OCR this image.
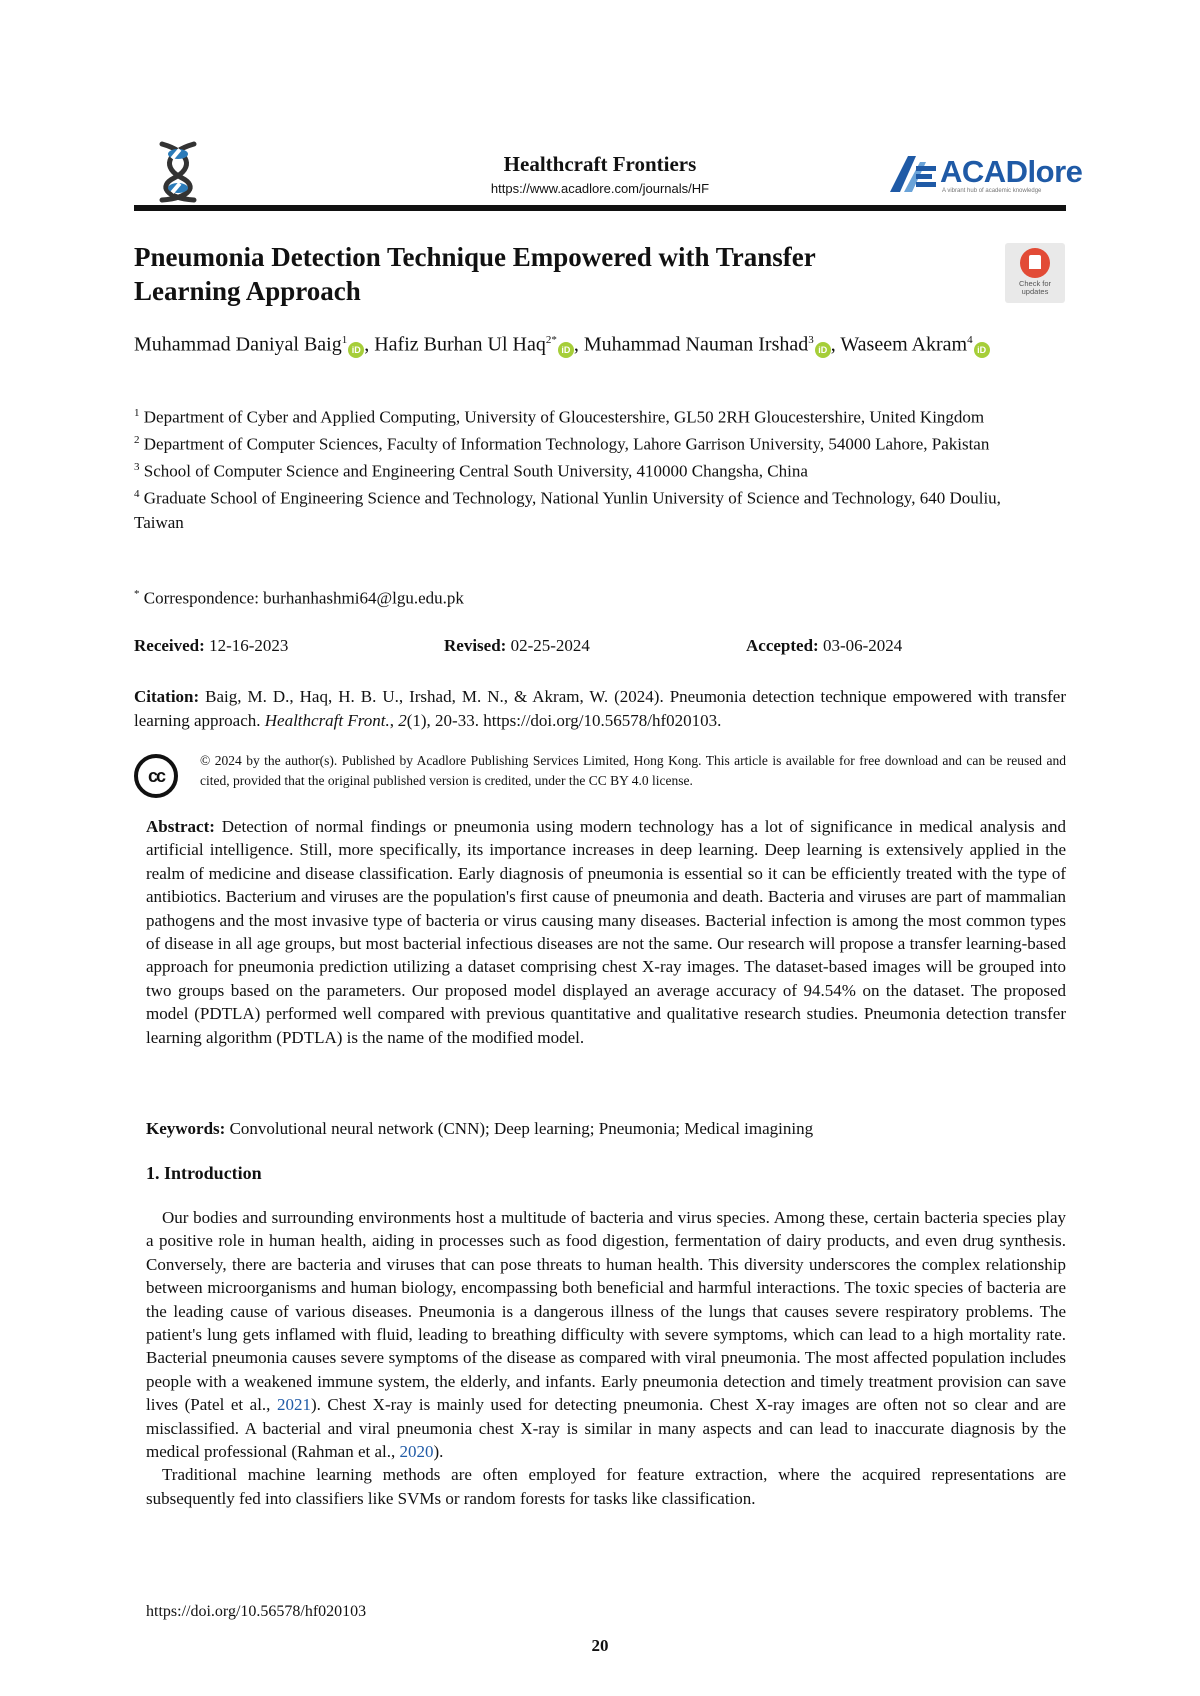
Healthcraft Frontiers
https://www.acadlore.com/journals/HF	ACADlore
A vibrant hub of academic knowledge
Pneumonia Detection Technique Empowered with Transfer Learning Approach	Check for updates
Muhammad Daniyal Baig$^1$iD , Hafiz Burhan Ul Haq$^{2*}$iD , Muhammad Nauman Irshad$^3$iD , Waseem Akram$^4$iD

$^1$ Department of Cyber and Applied Computing, University of Gloucestershire, GL50 2RH Gloucestershire, United Kingdom

$^2$ Department of Computer Sciences, Faculty of Information Technology, Lahore Garrison University, 54000 Lahore, Pakistan

$^3$ School of Computer Science and Engineering Central South University, 410000 Changsha, China

$^4$ Graduate School of Engineering Science and Technology, National Yunlin University of Science and Technology, 640 Douliu, Taiwan

* Correspondence: burhanhashmi64@lgu.edu.pk
Received: 12-16-2023	Revised: 02-25-2024	Accepted: 03-06-2024
Citation: Baig, M. D., Haq, H. B. U., Irshad, M. N., & Akram, W. (2024). Pneumonia detection technique empowered with transfer learning approach. Healthcraft Front., 2(1), 20-33. https://doi.org/10.56578/hf020103.
cc
© 2024 by the author(s). Published by Acadlore Publishing Services Limited, Hong Kong. This article is available for free download and can be reused and cited, provided that the original published version is credited, under the CC BY 4.0 license.
Abstract: Detection of normal findings or pneumonia using modern technology has a lot of significance in medical analysis and artificial intelligence. Still, more specifically, its importance increases in deep learning. Deep learning is extensively applied in the realm of medicine and disease classification. Early diagnosis of pneumonia is essential so it can be efficiently treated with the type of antibiotics. Bacterium and viruses are the population's first cause of pneumonia and death. Bacteria and viruses are part of mammalian pathogens and the most invasive type of bacteria or virus causing many diseases. Bacterial infection is among the most common types of disease in all age groups, but most bacterial infectious diseases are not the same. Our research will propose a transfer learning-based approach for pneumonia prediction utilizing a dataset comprising chest X-ray images. The dataset-based images will be grouped into two groups based on the parameters. Our proposed model displayed an average accuracy of 94.54% on the dataset. The proposed model (PDTLA) performed well compared with previous quantitative and qualitative research studies. Pneumonia detection transfer learning algorithm (PDTLA) is the name of the modified model.
Keywords: Convolutional neural network (CNN); Deep learning; Pneumonia; Medical imagining
1. Introduction

Our bodies and surrounding environments host a multitude of bacteria and virus species. Among these, certain bacteria species play a positive role in human health, aiding in processes such as food digestion, fermentation of dairy products, and even drug synthesis. Conversely, there are bacteria and viruses that can pose threats to human health. This diversity underscores the complex relationship between microorganisms and human biology, encompassing both beneficial and harmful interactions. The toxic species of bacteria are the leading cause of various diseases. Pneumonia is a dangerous illness of the lungs that causes severe respiratory problems. The patient's lung gets inflamed with fluid, leading to breathing difficulty with severe symptoms, which can lead to a high mortality rate. Bacterial pneumonia causes severe symptoms of the disease as compared with viral pneumonia. The most affected population includes people with a weakened immune system, the elderly, and infants. Early pneumonia detection and timely treatment provision can save lives (Patel et al., 2021). Chest X-ray is mainly used for detecting pneumonia. Chest X-ray images are often not so clear and are misclassified. A bacterial and viral pneumonia chest X-ray is similar in many aspects and can lead to inaccurate diagnosis by the medical professional (Rahman et al., 2020).

Traditional machine learning methods are often employed for feature extraction, where the acquired representations are subsequently fed into classifiers like SVMs or random forests for tasks like classification.

https://doi.org/10.56578/hf020103
20
